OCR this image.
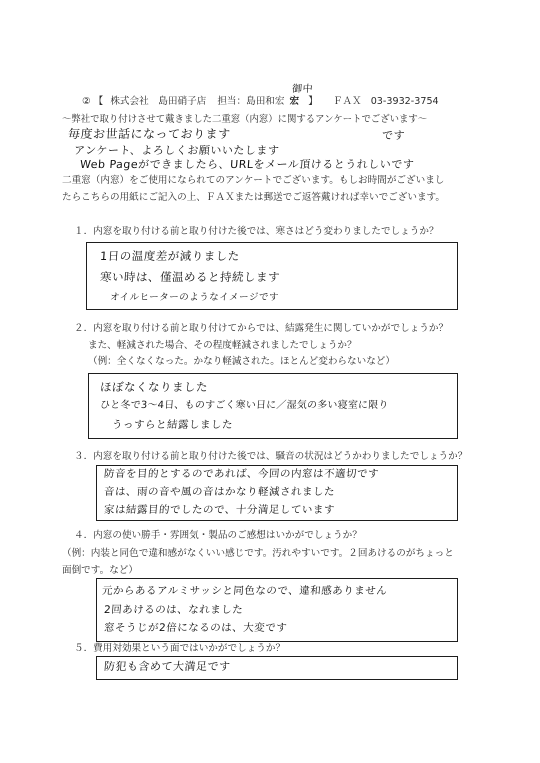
② 【 株式会社　島田硝子店 担当：島田和宏 宏 】 ＦＡＸ 03-3932-3754
御中
〜弊社で取り付けさせて戴きました二重窓（内窓）に関するアンケートでございます〜
毎度お世話になっております	です
アンケート、よろしくお願いいたします
Web Pageができましたら、URLをメール頂けるとうれしいです
二重窓（内窓）をご使用になられてのアンケートでございます。もしお時間がございまし
たらこちらの用紙にご記入の上、ＦＡＸまたは郵送でご返答戴ければ幸いでございます。
１．内窓を取り付ける前と取り付けた後では、寒さはどう変わりましたでしょうか？
1日の温度差が減りました
寒い時は、僅温めると持続します
オイルヒーターのようなイメージです
２．内窓を取り付ける前と取り付けてからでは、結露発生に関していかがでしょうか？
また、軽減された場合、その程度軽減されましたでしょうか？
（例：全くなくなった。かなり軽減された。ほとんど変わらないなど）
ほぼなくなりました
ひと冬で3〜4日、ものすごく寒い日に／湿気の多い寝室に限り
うっすらと結露しました
３．内窓を取り付ける前と取り付けた後では、騒音の状況はどうかわりましたでしょうか？
防音を目的とするのであれば、今回の内窓は不適切です
音は、雨の音や風の音はかなり軽減されました
家は結露目的でしたので、十分満足しています
４．内窓の使い勝手・雰囲気・製品のご感想はいかがでしょうか？
（例：内装と同色で違和感がなくいい感じです。汚れやすいです。２回あけるのがちょっと
面倒です。など）
元からあるアルミサッシと同色なので、違和感ありません
2回あけるのは、なれました
窓そうじが2倍になるのは、大変です
５．費用対効果という面ではいかがでしょうか？
防犯も含めて大満足です
